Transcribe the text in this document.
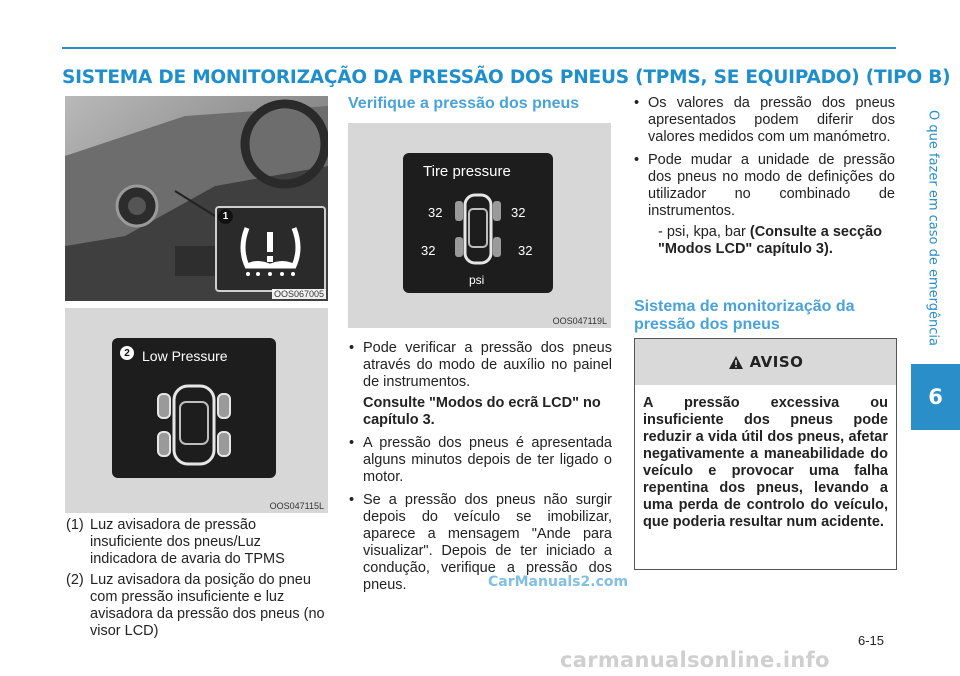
SISTEMA DE MONITORIZAÇÃO DA PRESSÃO DOS PNEUS (TPMS, SE EQUIPADO) (TIPO B)
O que fazer em caso de emergência
6
1
OOS067005
2 Low Pressure
OOS047115L
(1) Luz avisadora de pressão insuficiente dos pneus/Luz indicadora de avaria do TPMS
(2) Luz avisadora da posição do pneu com pressão insuficiente e luz avisadora da pressão dos pneus (no visor LCD)
Verifique a pressão dos pneus
Tire pressure
32	32
32	32
psi
OOS047119L
• Pode verificar a pressão dos pneus através do modo de auxílio no painel de instrumentos.
Consulte "Modos do ecrã LCD" no capítulo 3.
• A pressão dos pneus é apresentada alguns minutos depois de ter ligado o motor.
• Se a pressão dos pneus não surgir depois do veículo se imobilizar, aparece a mensagem "Ande para visualizar". Depois de ter iniciado a condução, verifique a pressão dos pneus.
• Os valores da pressão dos pneus apresentados podem diferir dos valores medidos com um manómetro.
• Pode mudar a unidade de pressão dos pneus no modo de definições do utilizador no combinado de instrumentos.
- psi, kpa, bar (Consulte a secção "Modos LCD" capítulo 3).
Sistema de monitorização da pressão dos pneus
AVISO
A pressão excessiva ou insuficiente dos pneus pode reduzir a vida útil dos pneus, afetar negativamente a maneabilidade do veículo e provocar uma falha repentina dos pneus, levando a uma perda de controlo do veículo, que poderia resultar num acidente.
CarManuals2.com
6-15
carmanualsonline.info
